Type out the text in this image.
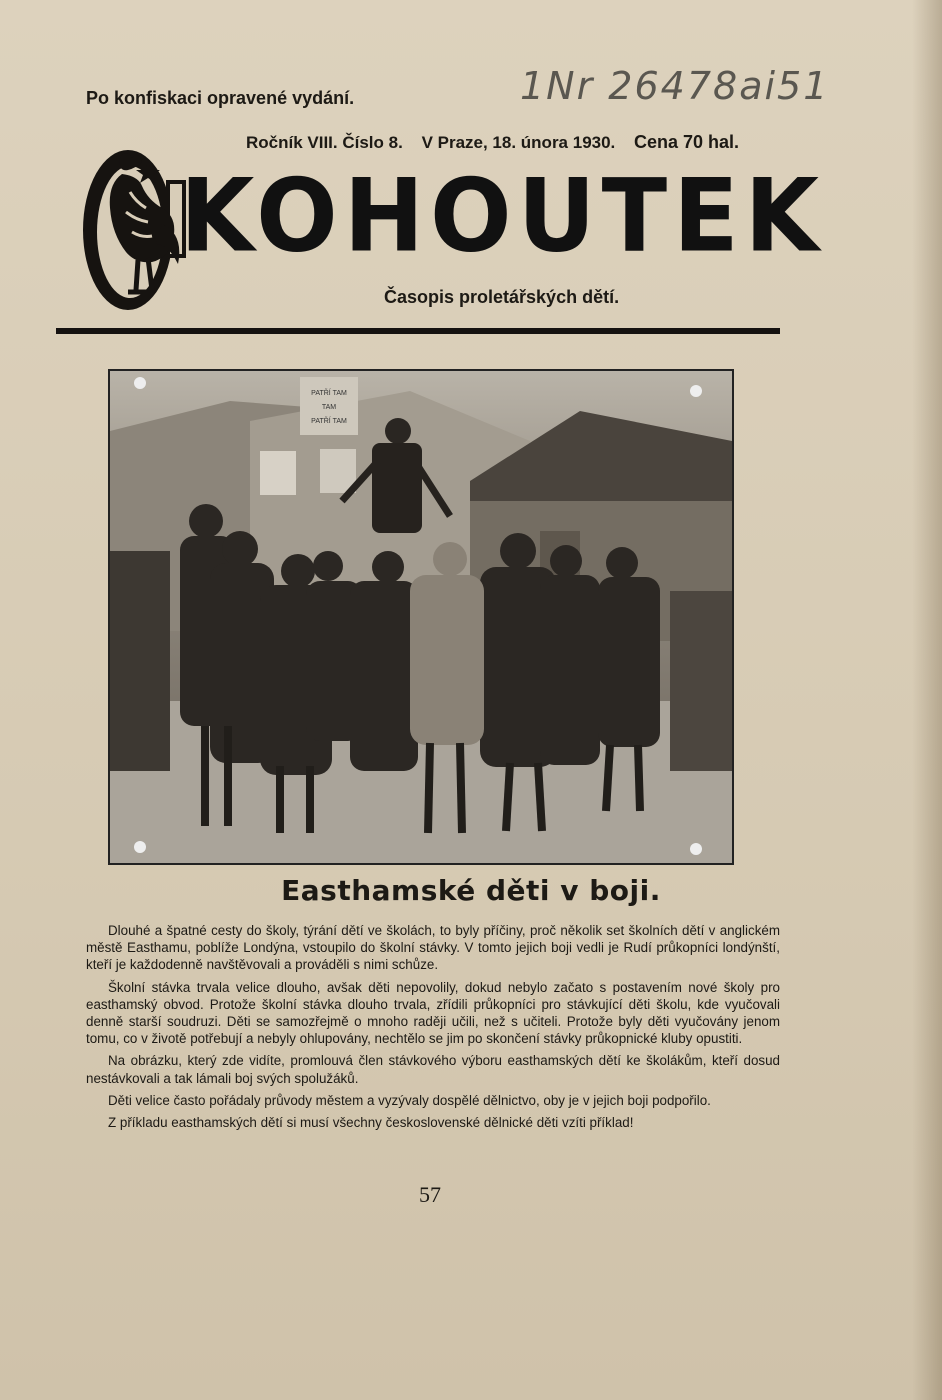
1Nr 26478ai51
Po konfiskaci opravené vydání.
Ročník VIII. Číslo 8. V Praze, 18. února 1930. Cena 70 hal.
KOHOUTEK
Časopis proletářských dětí.
PATŘÍ TAM
TAM
PATŘÍ TAM
Easthamské děti v boji.

Dlouhé a špatné cesty do školy, týrání dětí ve školách, to byly příčiny, proč několik set školních dětí v anglickém městě Easthamu, poblíže Londýna, vstoupilo do školní stávky. V tomto jejich boji vedli je Rudí průkopníci londýnští, kteří je každodenně navštěvovali a prováděli s nimi schůze.

Školní stávka trvala velice dlouho, avšak děti nepovolily, dokud nebylo začato s postavením nové školy pro easthamský obvod. Protože školní stávka dlouho trvala, zřídili průkopníci pro stávkující děti školu, kde vyučovali denně starší soudruzi. Děti se samozřejmě o mnoho raději učili, než s učiteli. Protože byly děti vyučovány jenom tomu, co v životě potřebují a nebyly ohlupovány, nechtělo se jim po skončení stávky průkopnické kluby opustiti.

Na obrázku, který zde vidíte, promlouvá člen stávkového výboru easthamských dětí ke školákům, kteří dosud nestávkovali a tak lámali boj svých spolužáků.

Děti velice často pořádaly průvody městem a vyzývaly dospělé dělnictvo, oby je v jejich boji podpořilo.

Z příkladu easthamských dětí si musí všechny československé dělnické děti vzíti příklad!

57
